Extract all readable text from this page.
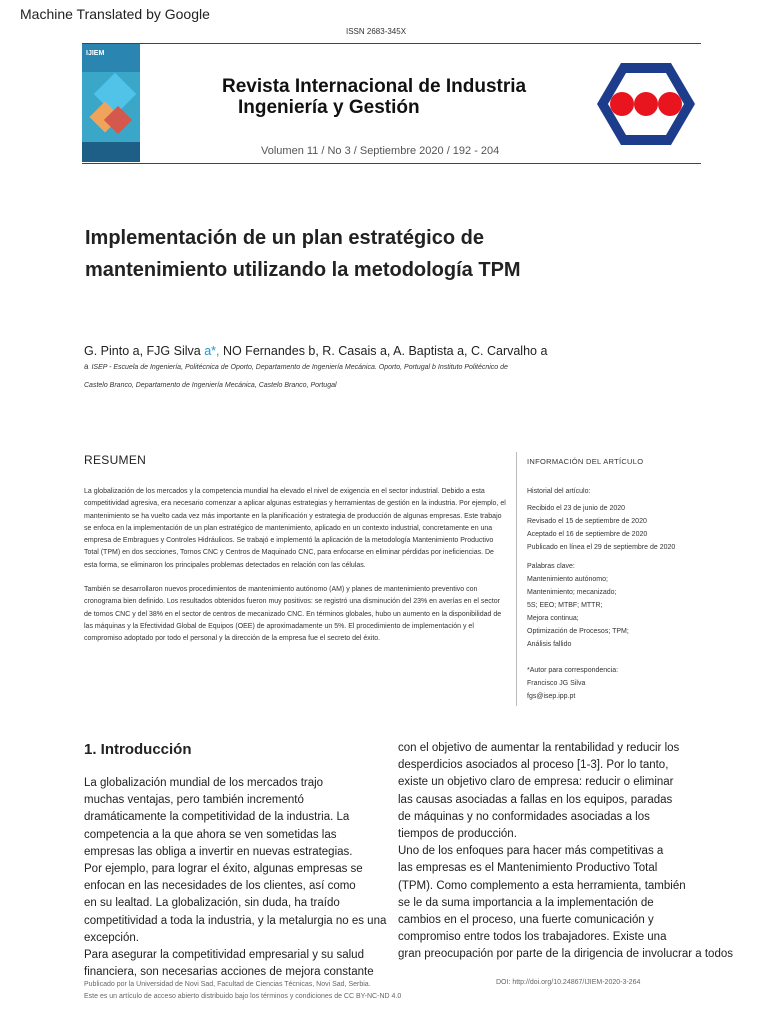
Machine Translated by Google
ISSN 2683-345X
IJIEM
Revista Internacional de Industria
Ingeniería y Gestión
Volumen 11 / No 3 / Septiembre 2020 / 192 - 204
Implementación de un plan estratégico de
mantenimiento utilizando la metodología TPM
G. Pinto a, FJG Silva a*, NO Fernandes b, R. Casais a, A. Baptista a, C. Carvalho a
a ISEP - Escuela de Ingeniería, Politécnica de Oporto, Departamento de Ingeniería Mecánica. Oporto, Portugal b Instituto Politécnico de
Castelo Branco, Departamento de Ingeniería Mecánica, Castelo Branco, Portugal
RESUMEN

La globalización de los mercados y la competencia mundial ha elevado el nivel de exigencia en el sector industrial. Debido a esta competitividad agresiva, era necesario comenzar a aplicar algunas estrategias y herramientas de gestión en la industria. Por ejemplo, el mantenimiento se ha vuelto cada vez más importante en la planificación y estrategia de producción de algunas empresas. Este trabajo se enfoca en la implementación de un plan estratégico de mantenimiento, aplicado en un contexto industrial, concretamente en una empresa de Embragues y Controles Hidráulicos. Se trabajó e implementó la aplicación de la metodología Mantenimiento Productivo Total (TPM) en dos secciones, Tornos CNC y Centros de Maquinado CNC, para enfocarse en eliminar pérdidas por ineficiencias. De esta forma, se eliminaron los principales problemas detectados en relación con las células.

También se desarrollaron nuevos procedimientos de mantenimiento autónomo (AM) y planes de mantenimiento preventivo con cronograma bien definido. Los resultados obtenidos fueron muy positivos: se registró una disminución del 23% en averías en el sector de tornos CNC y del 38% en el sector de centros de mecanizado CNC. En términos globales, hubo un aumento en la disponibilidad de las máquinas y la Efectividad Global de Equipos (OEE) de aproximadamente un 5%. El procedimiento de implementación y el compromiso adoptado por todo el personal y la dirección de la empresa fue el secreto del éxito.

INFORMACIÓN DEL ARTÍCULO
Historial del artículo:
Recibido el 23 de junio de 2020
Revisado el 15 de septiembre de 2020
Aceptado el 16 de septiembre de 2020
Publicado en línea el 29 de septiembre de 2020
Palabras clave:
Mantenimiento autónomo;
Mantenimiento; mecanizado;
5S; EEO; MTBF; MTTR;
Mejora continua;
Optimización de Procesos; TPM;
Análisis fallido
*Autor para correspondencia:
Francisco JG Silva
fgs@isep.ipp.pt
1. Introducción
La globalización mundial de los mercados trajo
muchas ventajas, pero también incrementó
dramáticamente la competitividad de la industria. La
competencia a la que ahora se ven sometidas las
empresas las obliga a invertir en nuevas estrategias.
Por ejemplo, para lograr el éxito, algunas empresas se
enfocan en las necesidades de los clientes, así como
en su lealtad. La globalización, sin duda, ha traído
competitividad a toda la industria, y la metalurgia no es una excepción.
Para asegurar la competitividad empresarial y su salud
financiera, son necesarias acciones de mejora constante
con el objetivo de aumentar la rentabilidad y reducir los
desperdicios asociados al proceso [1-3]. Por lo tanto,
existe un objetivo claro de empresa: reducir o eliminar
las causas asociadas a fallas en los equipos, paradas
de máquinas y no conformidades asociadas a los
tiempos de producción.
Uno de los enfoques para hacer más competitivas a
las empresas es el Mantenimiento Productivo Total
(TPM). Como complemento a esta herramienta, también
se le da suma importancia a la implementación de
cambios en el proceso, una fuerte comunicación y
compromiso entre todos los trabajadores. Existe una
gran preocupación por parte de la dirigencia de involucrar a todos
Publicado por la Universidad de Novi Sad, Facultad de Ciencias Técnicas, Novi Sad, Serbia.
Este es un artículo de acceso abierto distribuido bajo los términos y condiciones de CC BY-NC-ND 4.0
DOI: http://doi.org/10.24867/IJIEM-2020-3-264
